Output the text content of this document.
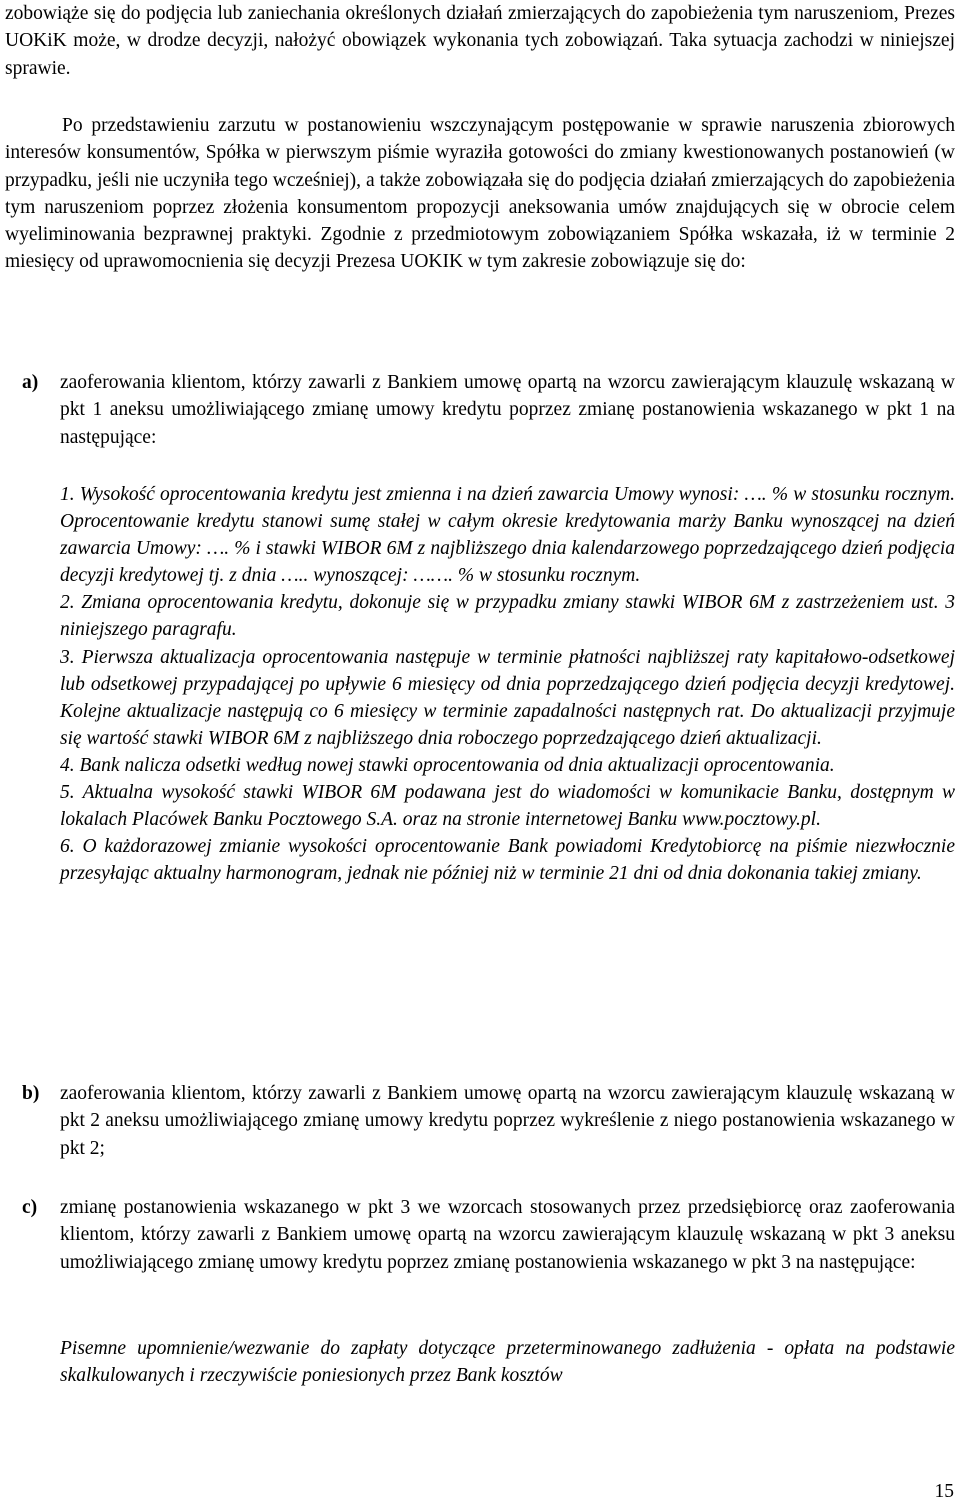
zobowiąże się do podjęcia lub zaniechania określonych działań zmierzających do zapobieżenia tym naruszeniom, Prezes UOKiK może, w drodze decyzji, nałożyć obowiązek wykonania tych zobowiązań. Taka sytuacja zachodzi w niniejszej sprawie.

Po przedstawieniu zarzutu w postanowieniu wszczynającym postępowanie w sprawie naruszenia zbiorowych interesów konsumentów, Spółka w pierwszym piśmie wyraziła gotowości do zmiany kwestionowanych postanowień (w przypadku, jeśli nie uczyniła tego wcześniej), a także zobowiązała się do podjęcia działań zmierzających do zapobieżenia tym naruszeniom poprzez złożenia konsumentom propozycji aneksowania umów znajdujących się w obrocie celem wyeliminowania bezprawnej praktyki. Zgodnie z przedmiotowym zobowiązaniem Spółka wskazała, iż w terminie 2 miesięcy od uprawomocnienia się decyzji Prezesa UOKIK w tym zakresie zobowiązuje się do:

a) zaoferowania klientom, którzy zawarli z Bankiem umowę opartą na wzorcu zawierającym klauzulę wskazaną w pkt 1 aneksu umożliwiającego zmianę umowy kredytu poprzez zmianę postanowienia wskazanego w pkt 1 na następujące:

1. Wysokość oprocentowania kredytu jest zmienna i na dzień zawarcia Umowy wynosi: …. % w stosunku rocznym. Oprocentowanie kredytu stanowi sumę stałej w całym okresie kredytowania marży Banku wynoszącej na dzień zawarcia Umowy: …. % i stawki WIBOR 6M z najbliższego dnia kalendarzowego poprzedzającego dzień podjęcia decyzji kredytowej tj. z dnia ….. wynoszącej: ……. % w stosunku rocznym.

2. Zmiana oprocentowania kredytu, dokonuje się w przypadku zmiany stawki WIBOR 6M z zastrzeżeniem ust. 3 niniejszego paragrafu.

3. Pierwsza aktualizacja oprocentowania następuje w terminie płatności najbliższej raty kapitałowo-odsetkowej lub odsetkowej przypadającej po upływie 6 miesięcy od dnia poprzedzającego dzień podjęcia decyzji kredytowej. Kolejne aktualizacje następują co 6 miesięcy w terminie zapadalności następnych rat. Do aktualizacji przyjmuje się wartość stawki WIBOR 6M z najbliższego dnia roboczego poprzedzającego dzień aktualizacji.

4. Bank nalicza odsetki według nowej stawki oprocentowania od dnia aktualizacji oprocentowania.

5. Aktualna wysokość stawki WIBOR 6M podawana jest do wiadomości w komunikacie Banku, dostępnym w lokalach Placówek Banku Pocztowego S.A. oraz na stronie internetowej Banku www.pocztowy.pl.

6. O każdorazowej zmianie wysokości oprocentowanie Bank powiadomi Kredytobiorcę na piśmie niezwłocznie przesyłając aktualny harmonogram, jednak nie później niż w terminie 21 dni od dnia dokonania takiej zmiany.

b) zaoferowania klientom, którzy zawarli z Bankiem umowę opartą na wzorcu zawierającym klauzulę wskazaną w pkt 2 aneksu umożliwiającego zmianę umowy kredytu poprzez wykreślenie z niego postanowienia wskazanego w pkt 2;
c) zmianę postanowienia wskazanego w pkt 3 we wzorcach stosowanych przez przedsiębiorcę oraz zaoferowania klientom, którzy zawarli z Bankiem umowę opartą na wzorcu zawierającym klauzulę wskazaną w pkt 3 aneksu umożliwiającego zmianę umowy kredytu poprzez zmianę postanowienia wskazanego w pkt 3 na następujące:

Pisemne upomnienie/wezwanie do zapłaty dotyczące przeterminowanego zadłużenia - opłata na podstawie skalkulowanych i rzeczywiście poniesionych przez Bank kosztów

15
